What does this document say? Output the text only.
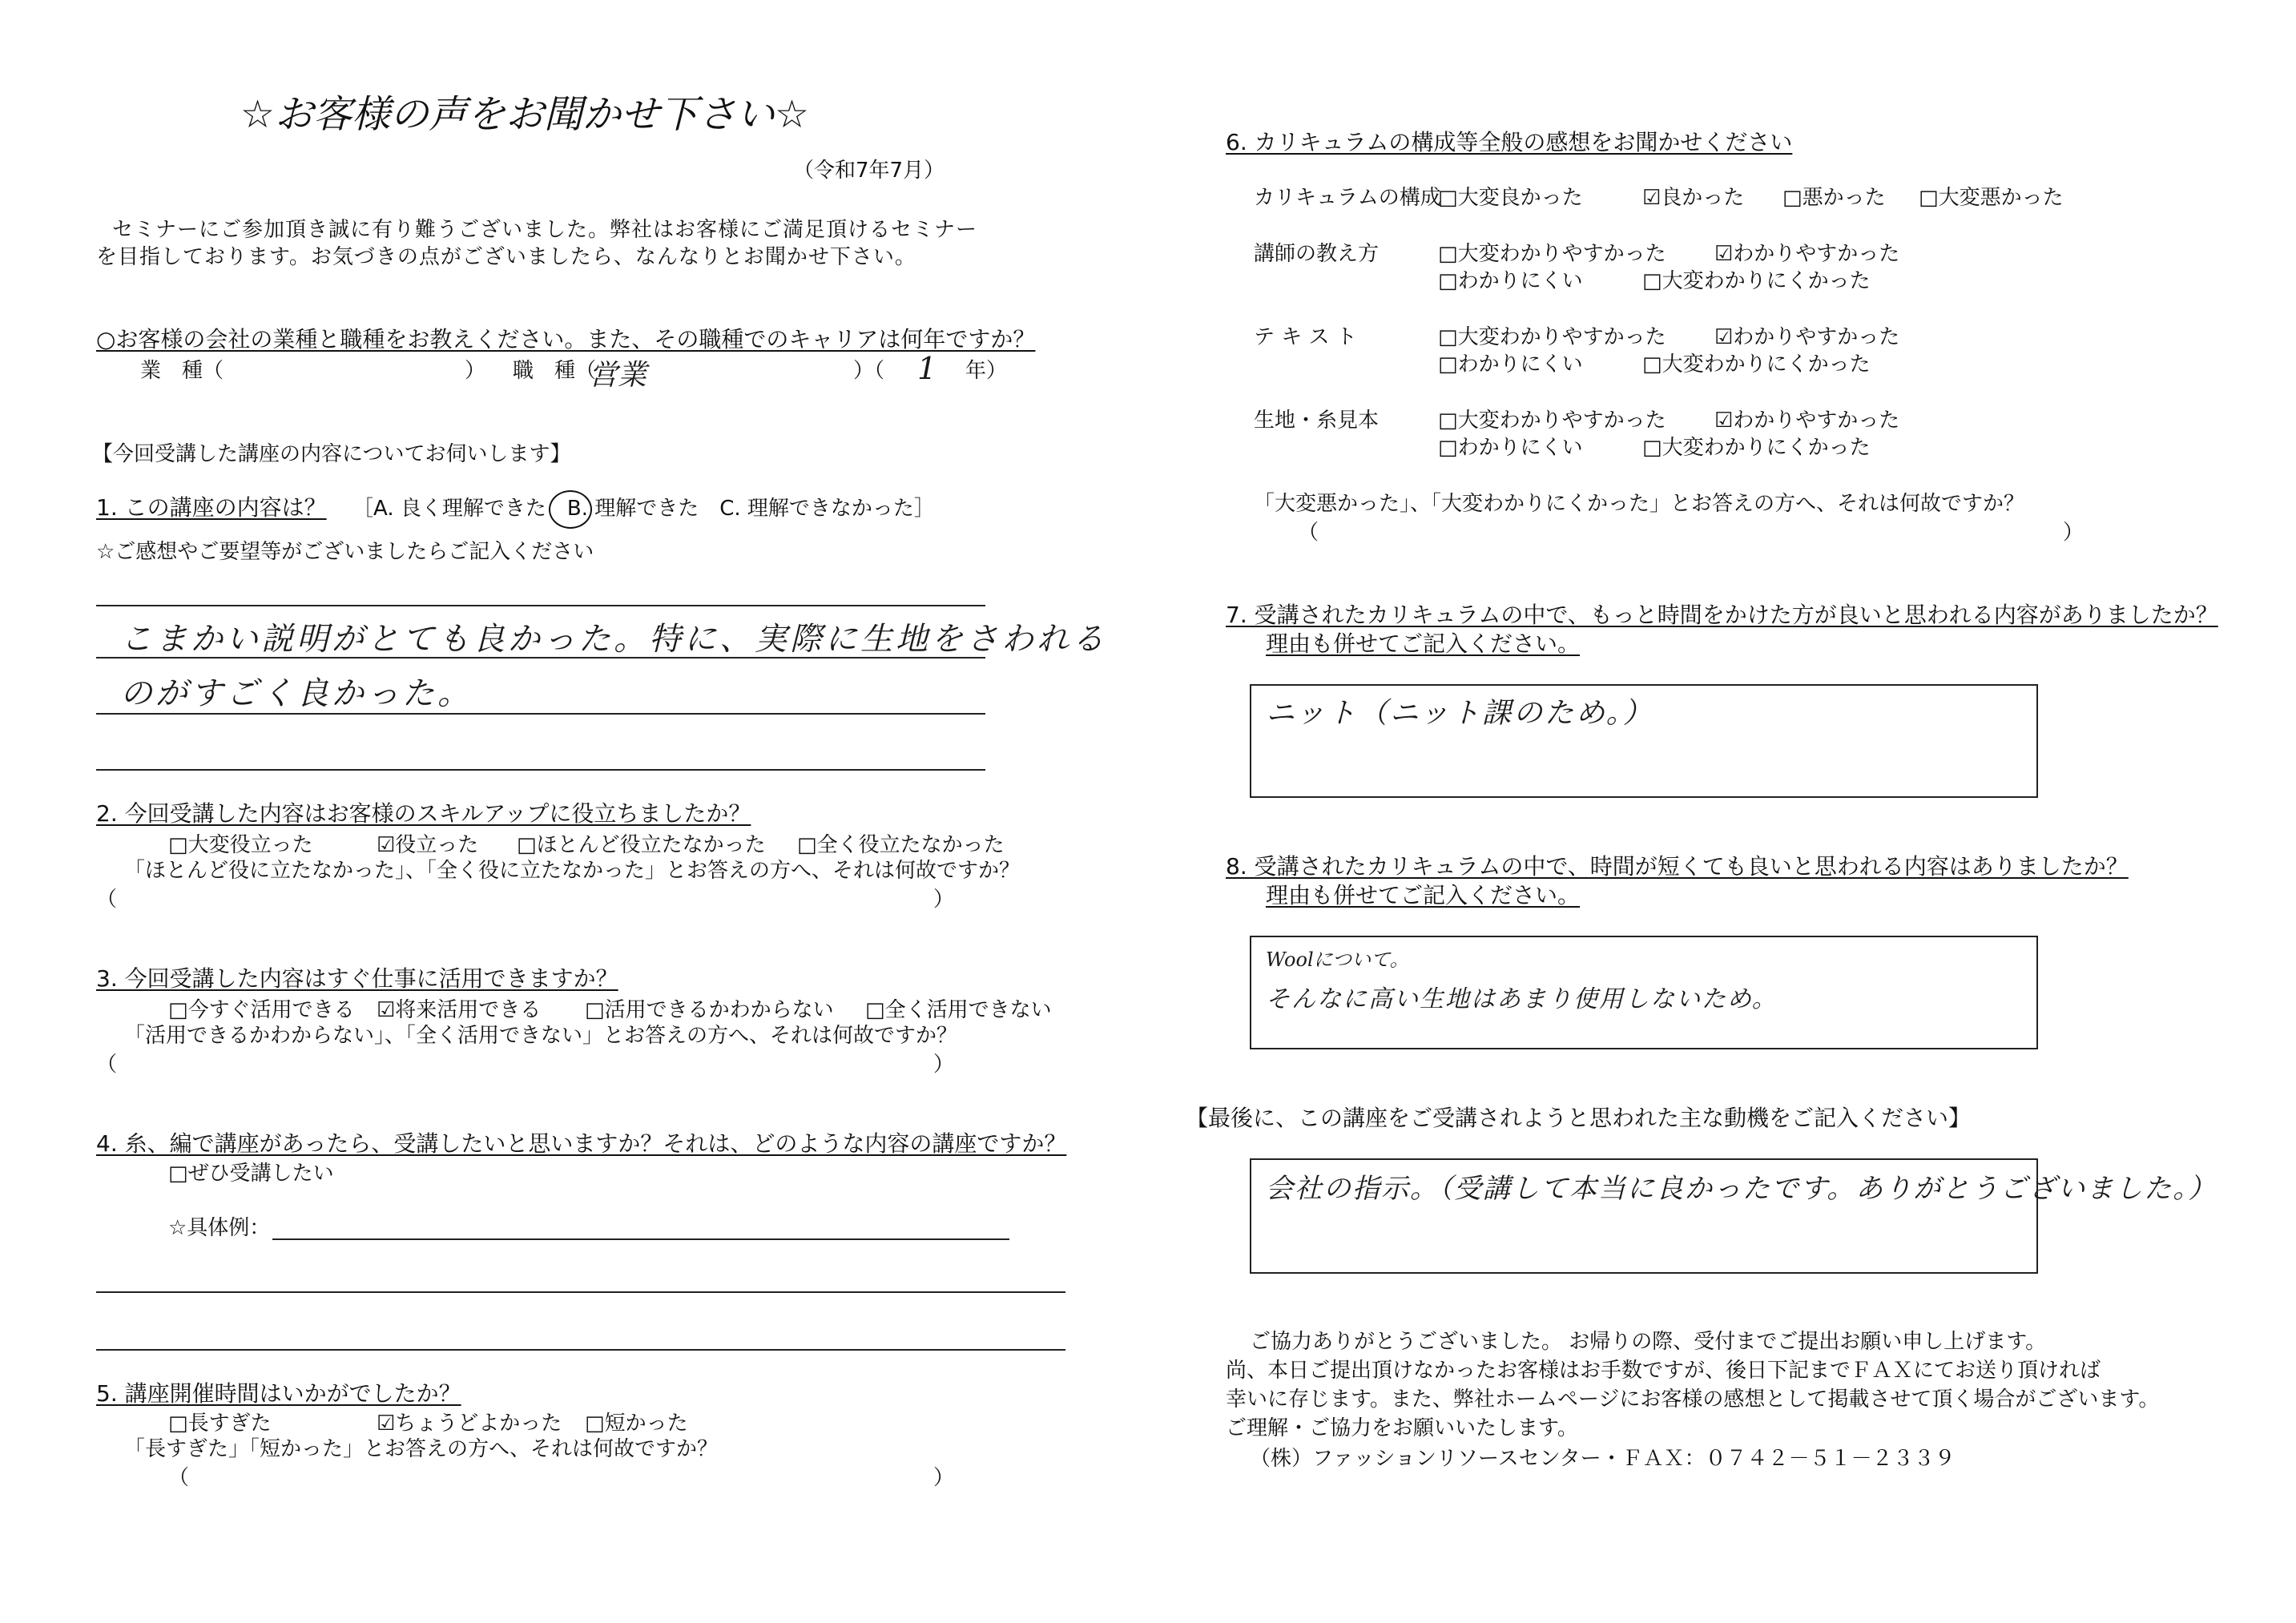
☆お客様の声をお聞かせ下さい☆
（令和7年7月）
セミナーにご参加頂き誠に有り難うございました。弊社はお客様にご満足頂けるセミナー
を目指しております。お気づきの点がございましたら、なんなりとお聞かせ下さい。
○お客様の会社の業種と職種をお教えください。また、その職種でのキャリアは何年ですか？
業　種（	） 職　種（
営業	）（ 1 年）
【今回受講した講座の内容についてお伺いします】
1. この講座の内容は？ ［A. 良く理解できた　B. 理解できた　C. 理解できなかった］
☆ご感想やご要望等がございましたらご記入ください
こまかい説明がとても良かった。特に、実際に生地をさわれる
のがすごく良かった。
2. 今回受講した内容はお客様のスキルアップに役立ちましたか？
□大変役立った	☑役立った □ほとんど役立たなかった □全く役立たなかった
「ほとんど役に立たなかった」、「全く役に立たなかった」とお答えの方へ、それは何故ですか？
（	）
3. 今回受講した内容はすぐ仕事に活用できますか？
□今すぐ活用できる ☑将来活用できる □活用できるかわからない □全く活用できない
「活用できるかわからない」、「全く活用できない」とお答えの方へ、それは何故ですか？
（	）
4. 糸、編で講座があったら、受講したいと思いますか？それは、どのような内容の講座ですか？
□ぜひ受講したい
☆具体例：
5. 講座開催時間はいかがでしたか？
□長すぎた	☑ちょうどよかった □短かった
「長すぎた」「短かった」とお答えの方へ、それは何故ですか？
（	）
6. カリキュラムの構成等全般の感想をお聞かせください
カリキュラムの構成
□大変良かった	☑良かった □悪かった □大変悪かった
講師の教え方	□大変わかりやすかった ☑わかりやすかった
□わかりにくい	□大変わかりにくかった
テ キ ス ト	□大変わかりやすかった ☑わかりやすかった
□わかりにくい	□大変わかりにくかった
生地・糸見本	□大変わかりやすかった ☑わかりやすかった
□わかりにくい	□大変わかりにくかった
「大変悪かった」、「大変わかりにくかった」とお答えの方へ、それは何故ですか？
（	）
7. 受講されたカリキュラムの中で、もっと時間をかけた方が良いと思われる内容がありましたか？
理由も併せてご記入ください。
ニット（ニット課のため。）
8. 受講されたカリキュラムの中で、時間が短くても良いと思われる内容はありましたか？
理由も併せてご記入ください。
Woolについて。
そんなに高い生地はあまり使用しないため。
【最後に、この講座をご受講されようと思われた主な動機をご記入ください】
会社の指示。（受講して本当に良かったです。ありがとうございました。）
ご協力ありがとうございました。 お帰りの際、受付までご提出お願い申し上げます。
尚、本日ご提出頂けなかったお客様はお手数ですが、後日下記までＦＡＸにてお送り頂ければ
幸いに存じます。また、弊社ホームページにお客様の感想として掲載させて頂く場合がございます。
ご理解・ご協力をお願いいたします。
（株）ファッションリソースセンター・ＦＡＸ：０７４２－５１－２３３９
